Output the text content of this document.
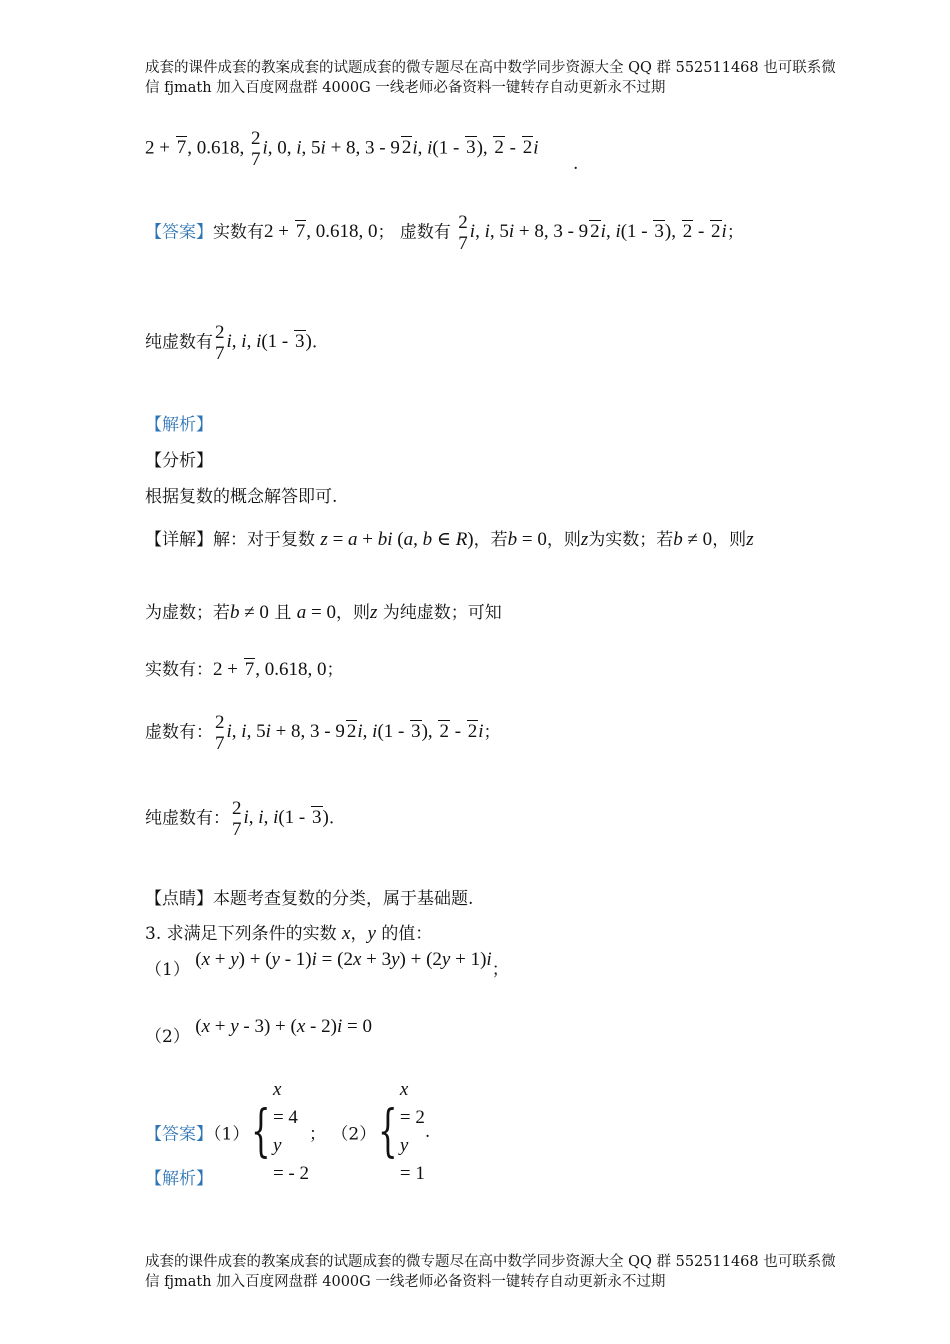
成套的课件成套的教案成套的试题成套的微专题尽在高中数学同步资源大全 QQ 群 552511468 也可联系微
信 fjmath 加入百度网盘群 4000G 一线老师必备资料一键转存自动更新永不过期
2 + 7, 0.618, 2
7
i, 0, i, 5i + 8, 3 - 9 2i, i(1 - 3), 2 - 2i
.
【答案】实数有2 + 7, 0.618, 0； 虚数有 2
7
i, i, 5i + 8, 3 - 9 2i, i(1 - 3), 2 - 2i；
纯虚数有 2
7
i, i, i(1 - 3).
【解析】
【分析】
根据复数的概念解答即可.
【详解】解：对于复数 z = a + bi (a, b ∈ R)，若b = 0，则z为实数；若b ≠ 0，则z
为虚数；若b ≠ 0 且 a = 0，则z 为纯虚数；可知
实数有：2 + 7, 0.618, 0；
虚数有： 2
7
i, i, 5i + 8, 3 - 9 2i, i(1 - 3), 2 - 2i；
纯虚数有： 2
7
i, i, i(1 - 3).
【点睛】本题考查复数的分类，属于基础题.
3. 求满足下列条件的实数 x，y 的值：
（1） (x + y) + (y - 1)i = (2x + 3y) + (2y + 1)i；
（2） (x + y - 3) + (x - 2)i = 0
【答案】（1）{
x
= 4
y
= - 2
； （2）{
x
= 2
y
= 1
.
【解析】
成套的课件成套的教案成套的试题成套的微专题尽在高中数学同步资源大全 QQ 群 552511468 也可联系微
信 fjmath 加入百度网盘群 4000G 一线老师必备资料一键转存自动更新永不过期
